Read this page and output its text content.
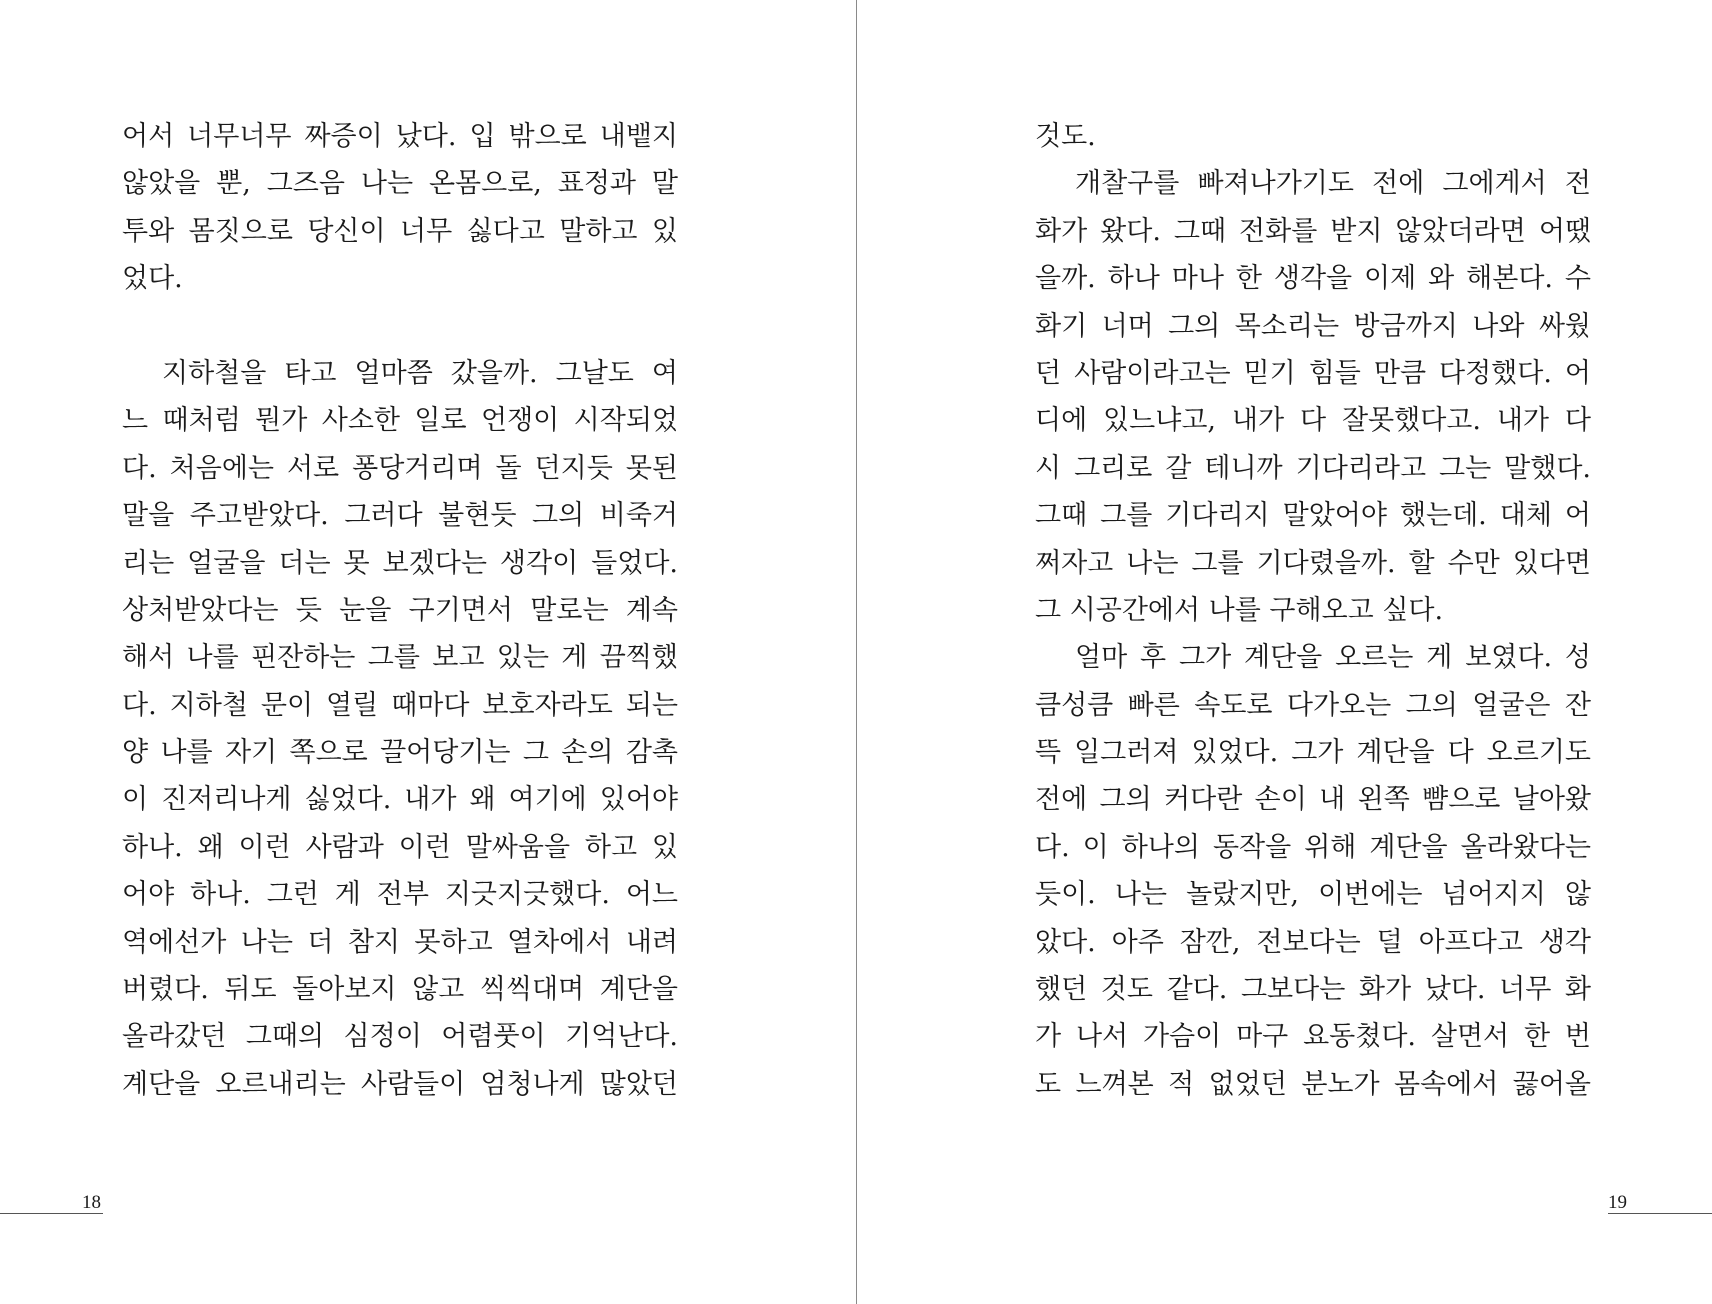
어서 너무너무 짜증이 났다. 입 밖으로 내뱉지
않았을 뿐, 그즈음 나는 온몸으로, 표정과 말
투와 몸짓으로 당신이 너무 싫다고 말하고 있
었다.
지하철을 타고 얼마쯤 갔을까. 그날도 여
느 때처럼 뭔가 사소한 일로 언쟁이 시작되었
다. 처음에는 서로 퐁당거리며 돌 던지듯 못된
말을 주고받았다. 그러다 불현듯 그의 비죽거
리는 얼굴을 더는 못 보겠다는 생각이 들었다.
상처받았다는 듯 눈을 구기면서 말로는 계속
해서 나를 핀잔하는 그를 보고 있는 게 끔찍했
다. 지하철 문이 열릴 때마다 보호자라도 되는
양 나를 자기 쪽으로 끌어당기는 그 손의 감촉
이 진저리나게 싫었다. 내가 왜 여기에 있어야
하나. 왜 이런 사람과 이런 말싸움을 하고 있
어야 하나. 그런 게 전부 지긋지긋했다. 어느
역에선가 나는 더 참지 못하고 열차에서 내려
버렸다. 뒤도 돌아보지 않고 씩씩대며 계단을
올라갔던 그때의 심정이 어렴풋이 기억난다.
계단을 오르내리는 사람들이 엄청나게 많았던
18
것도.
개찰구를 빠져나가기도 전에 그에게서 전
화가 왔다. 그때 전화를 받지 않았더라면 어땠
을까. 하나 마나 한 생각을 이제 와 해본다. 수
화기 너머 그의 목소리는 방금까지 나와 싸웠
던 사람이라고는 믿기 힘들 만큼 다정했다. 어
디에 있느냐고, 내가 다 잘못했다고. 내가 다
시 그리로 갈 테니까 기다리라고 그는 말했다.
그때 그를 기다리지 말았어야 했는데. 대체 어
쩌자고 나는 그를 기다렸을까. 할 수만 있다면
그 시공간에서 나를 구해오고 싶다.
얼마 후 그가 계단을 오르는 게 보였다. 성
큼성큼 빠른 속도로 다가오는 그의 얼굴은 잔
뜩 일그러져 있었다. 그가 계단을 다 오르기도
전에 그의 커다란 손이 내 왼쪽 뺨으로 날아왔
다. 이 하나의 동작을 위해 계단을 올라왔다는
듯이. 나는 놀랐지만, 이번에는 넘어지지 않
았다. 아주 잠깐, 전보다는 덜 아프다고 생각
했던 것도 같다. 그보다는 화가 났다. 너무 화
가 나서 가슴이 마구 요동쳤다. 살면서 한 번
도 느껴본 적 없었던 분노가 몸속에서 끓어올
19
